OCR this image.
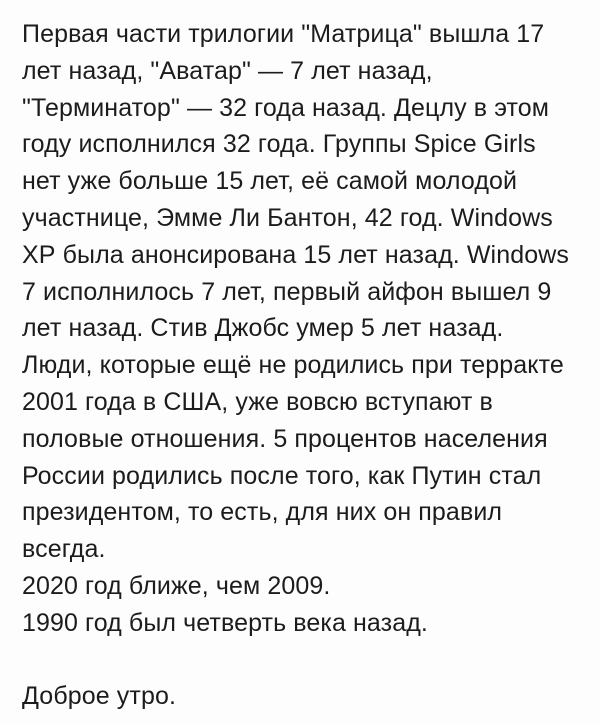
Первая части трилогии "Матрица" вышла 17
лет назад, "Аватар" — 7 лет назад,
"Терминатор" — 32 года назад. Децлу в этом
году исполнился 32 года. Группы Spice Girls
нет уже больше 15 лет, её самой молодой
участнице, Эмме Ли Бантон, 42 год. Windows
ХР была анонсирована 15 лет назад. Windows
7 исполнилось 7 лет, первый айфон вышел 9
лет назад. Стив Джобс умер 5 лет назад.
Люди, которые ещё не родились при терракте
2001 года в США, уже вовсю вступают в
половые отношения. 5 процентов населения
России родились после того, как Путин стал
президентом, то есть, для них он правил
всегда.
2020 год ближе, чем 2009.
1990 год был четверть века назад.
Доброе утро.
